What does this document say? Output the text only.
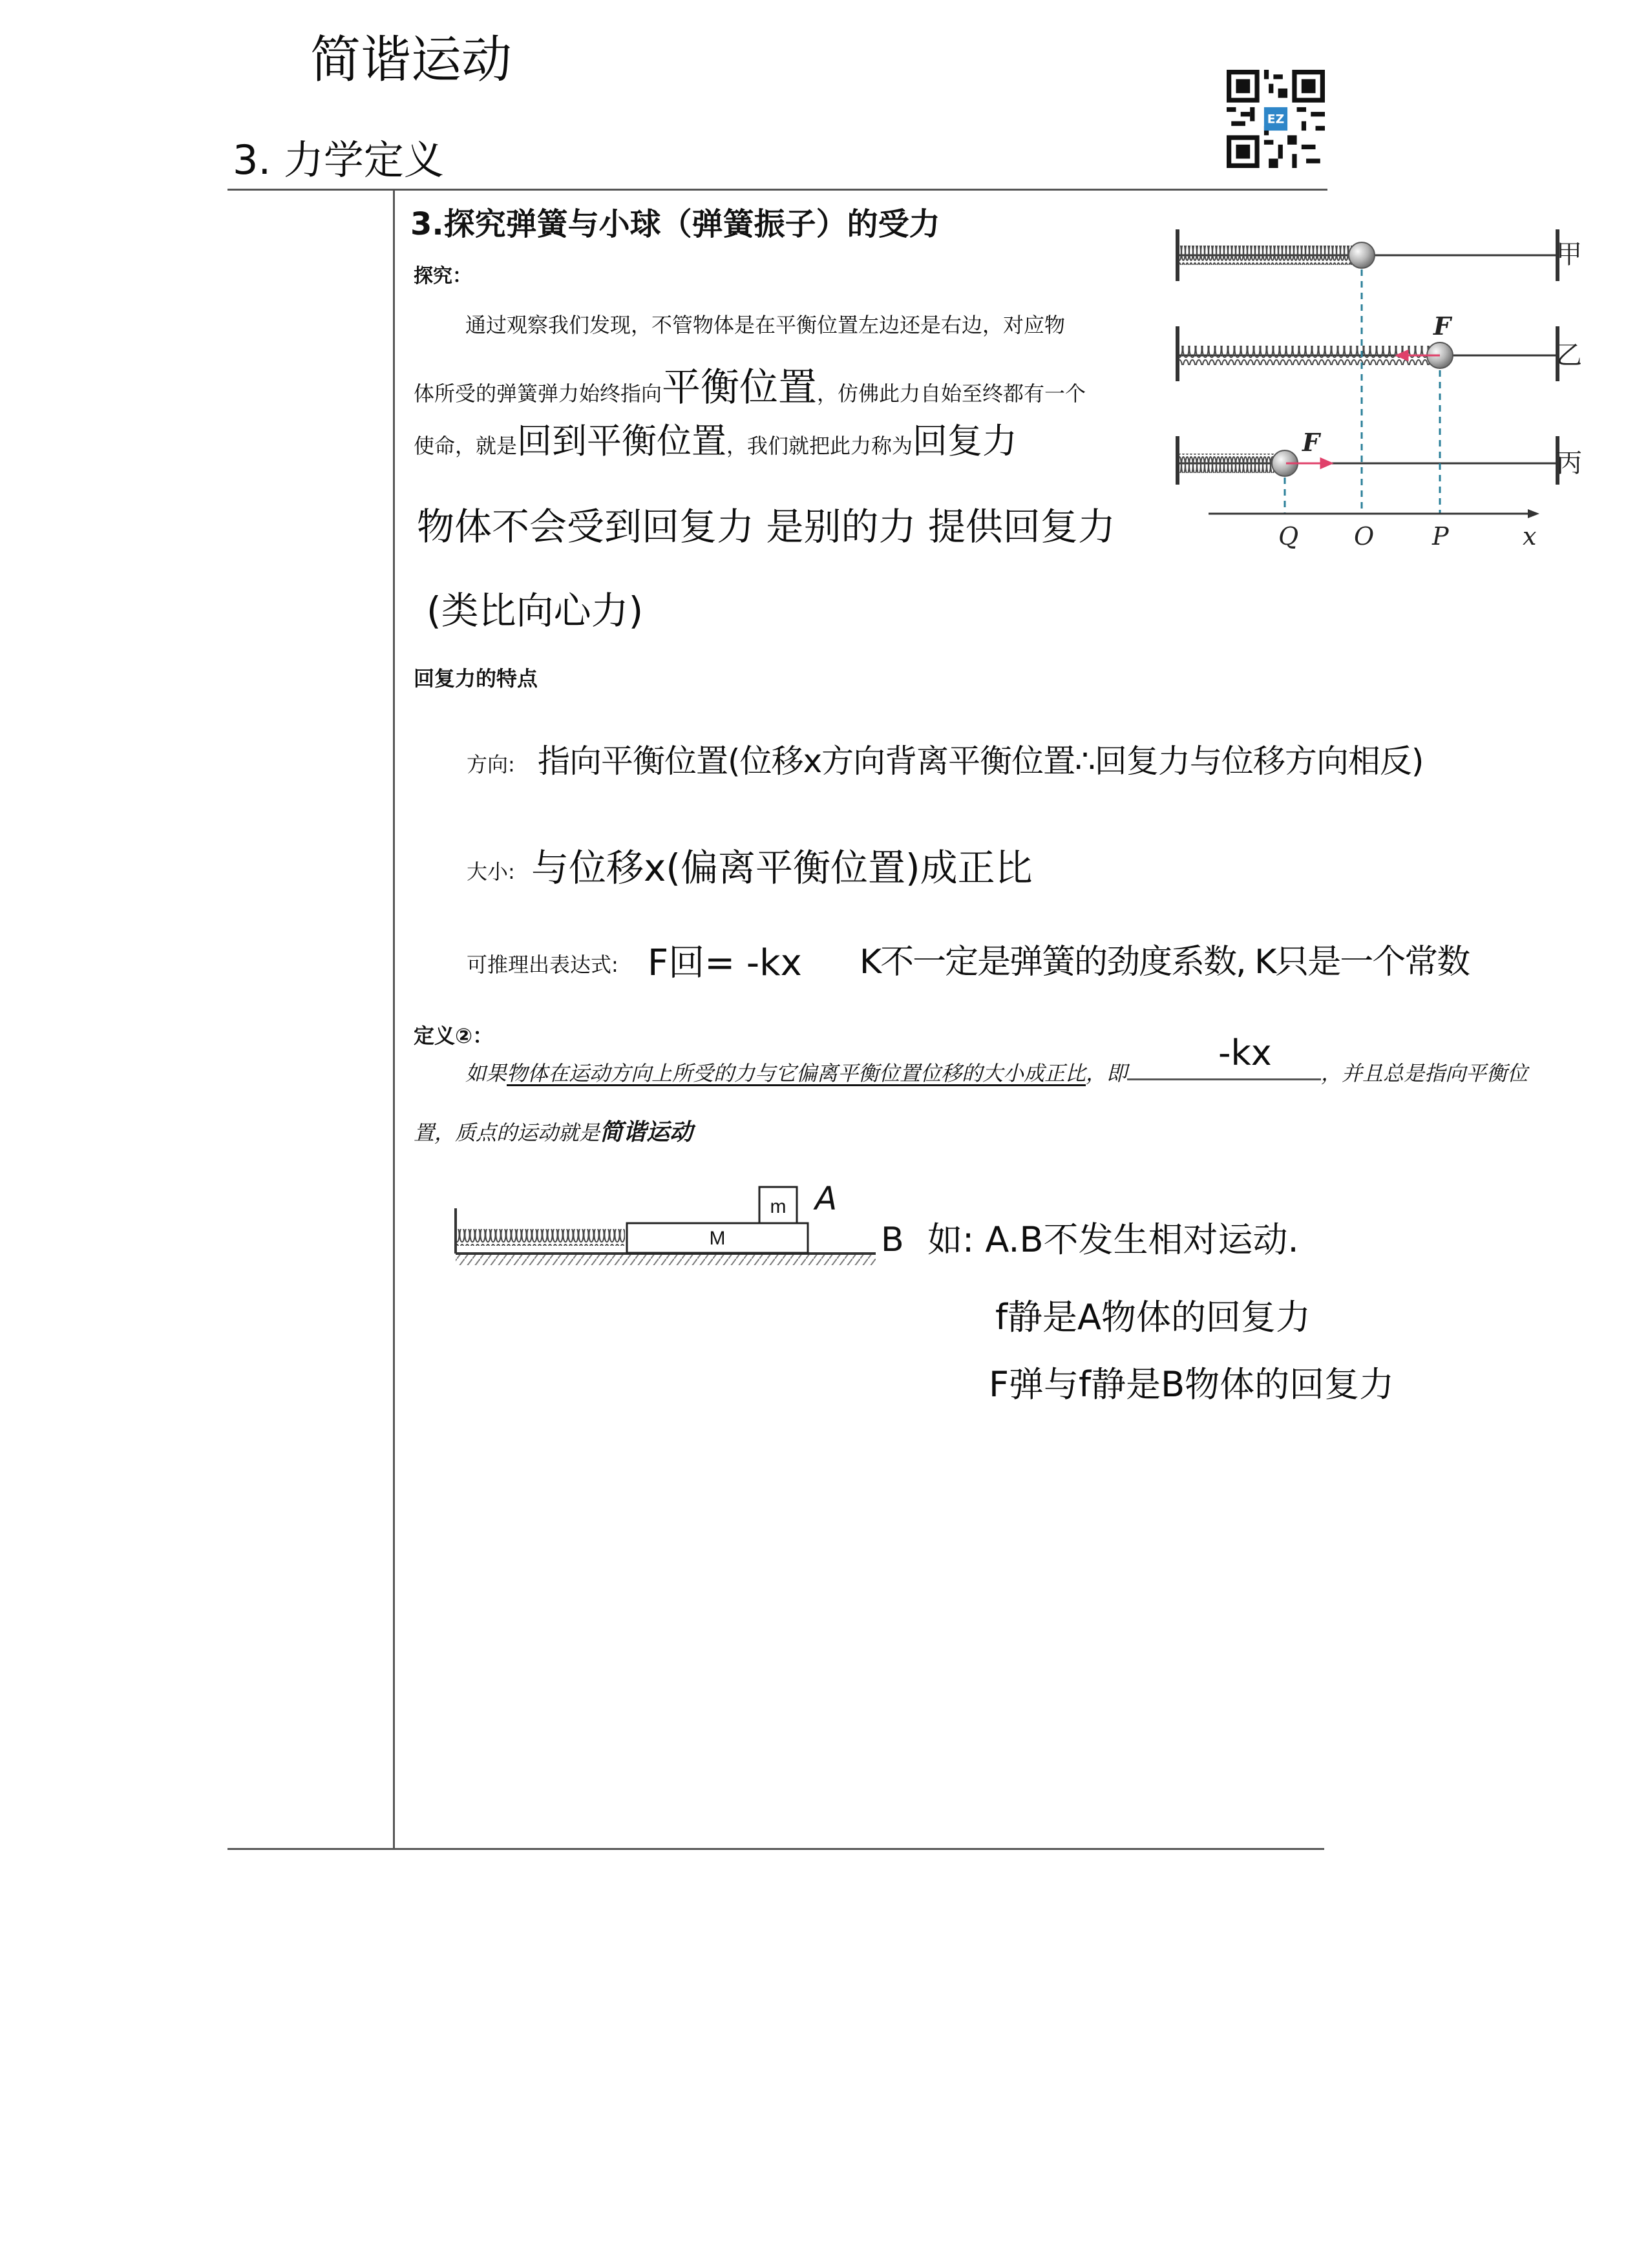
简谐运动
3. 力学定义
EZ
3.探究弹簧与小球（弹簧振子）的受力
探究：
通过观察我们发现，不管物体是在平衡位置左边还是右边，对应物
体所受的弹簧弹力始终指向平衡位置，仿佛此力自始至终都有一个
使命，就是回到平衡位置，我们就把此力称为回复力
物体不会受到回复力 是别的力 提供回复力
(类比向心力)
F
F
Q O P	x
甲
乙
丙
回复力的特点
方向: 指向平衡位置(位移x方向背离平衡位置∴回复力与位移方向相反)
大小: 与位移x(偏离平衡位置)成正比
可推理出表达式: F回= -kx K不一定是弹簧的劲度系数, K只是一个常数
定义②：	-kx
如果物体在运动方向上所受的力与它偏离平衡位置位移的大小成正比，即	，并且总是指向平衡位
置，质点的运动就是简谐运动
m
M
A
B 如: A.B不发生相对运动.
f静是A物体的回复力
F弹与f静是B物体的回复力
